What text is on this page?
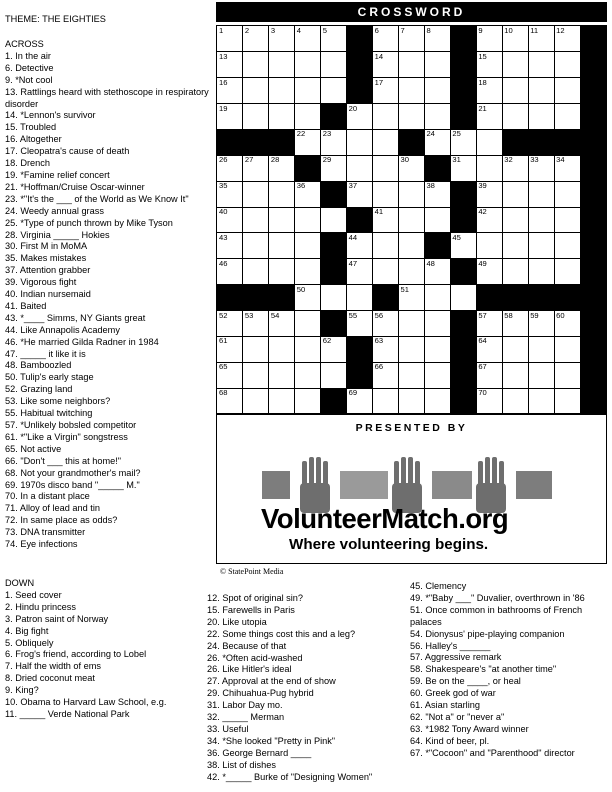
THEME: THE EIGHTIES
ACROSS
1. In the air
6. Detective
9. *Not cool
13. Rattlings heard with stethoscope in respiratory disorder
14. *Lennon's survivor
15. Troubled
16. Altogether
17. Cleopatra's cause of death
18. Drench
19. *Famine relief concert
21. *Hoffman/Cruise Oscar-winner
23. *"It's the ___ of the World as We Know It"
24. Weedy annual grass
25. *Type of punch thrown by Mike Tyson
28. Virginia _____ Hokies
30. First M in MoMA
35. Makes mistakes
37. Attention grabber
39. Vigorous fight
40. Indian nursemaid
41. Baited
43. *____ Simms, NY Giants great
44. Like Annapolis Academy
46. *He married Gilda Radner in 1984
47. _____ it like it is
48. Bamboozled
50. Tulip's early stage
52. Grazing land
53. Like some neighbors?
55. Habitual twitching
57. *Unlikely bobsled competitor
61. *"Like a Virgin" songstress
65. Not active
66. "Don't ___ this at home!"
68. Not your grandmother's mail?
69. 1970s disco band "_____ M."
70. In a distant place
71. Alloy of lead and tin
72. In same place as odds?
73. DNA transmitter
74. Eye infections
DOWN
1. Seed cover
2. Hindu princess
3. Patron saint of Norway
4. Big fight
5. Obliquely
6. Frog's friend, according to Lobel
7. Half the width of ems
8. Dried coconut meat
9. King?
10. Obama to Harvard Law School, e.g.
11. _____ Verde National Park
12. Spot of original sin?
15. Farewells in Paris
20. Like utopia
22. Some things cost this and a leg?
24. Because of that
26. *Often acid-washed
26. Like Hitler's ideal
27. Approval at the end of show
29. Chihuahua-Pug hybrid
31. Labor Day mo.
32. _____ Merman
33. Useful
34. *She looked "Pretty in Pink"
36. George Bernard ____
38. List of dishes
42. *_____ Burke of "Designing Women"
45. Clemency
49. *"Baby ___" Duvalier, overthrown in '86
51. Once common in bathrooms of French palaces
54. Dionysus' pipe-playing companion
56. Halley's ______
57. Aggressive remark
58. Shakespeare's "at another time"
59. Be on the ____, or heal
60. Greek god of war
61. Asian starling
62. "Not a" or "never a"
63. *1982 Tony Award winner
64. Kind of beer, pl.
67. *"Cocoon" and "Parenthood" director
CROSSWORD
1	2	3	4	5	6	7	8	9	10 11 12
13	14	15
16	17	18
19	20	21
22 23	24 25
26 27 28	29	30	31	32 33 34
35	36	37	38	39
40	41	42
43	44	45
46	47	48	49
50	51
52 53 54	55 56	57 58 59 60
61	62	63	64
65	66	67
68	69	70
PRESENTED BY
VolunteerMatch.org
Where volunteering begins.
© StatePoint Media
